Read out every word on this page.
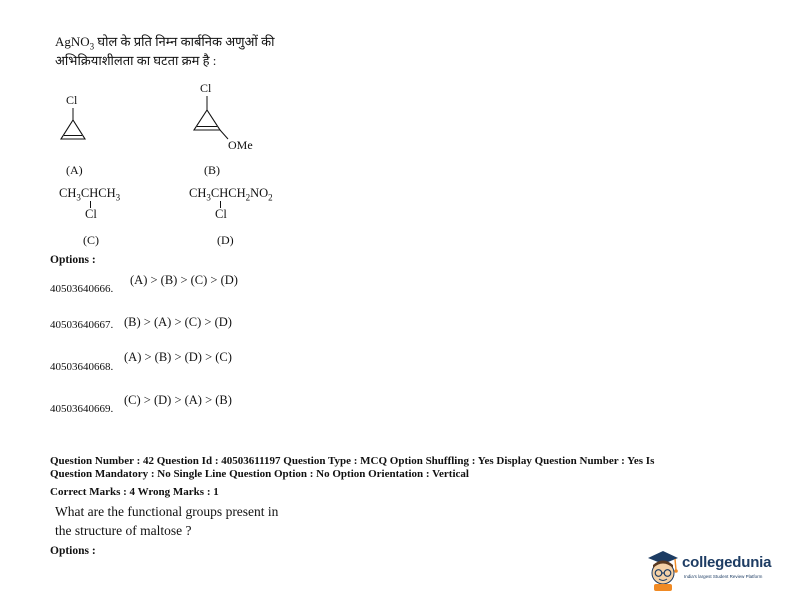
AgNO$_3$ घोल के प्रति निम्न कार्बनिक अणुओं की
अभिक्रियाशीलता का घटता क्रम है :
Cl
(A)
Cl
OMe
(B)
$CH_3CHCH_3$
Cl
(C)
$CH_3CHCH_2NO_2$
Cl
(D)
Options :
40503640666.
(A) > (B) > (C) > (D)
40503640667. (B) > (A) > (C) > (D)
40503640668.
(A) > (B) > (D) > (C)
40503640669.
(C) > (D) > (A) > (B)
Question Number : 42 Question Id : 40503611197 Question Type : MCQ Option Shuffling : Yes Display Question Number : Yes Is
Question Mandatory : No Single Line Question Option : No Option Orientation : Vertical
Correct Marks : 4 Wrong Marks : 1
What are the functional groups present in
the structure of maltose ?
Options :
collegedunia
India's largest Student Review Platform
